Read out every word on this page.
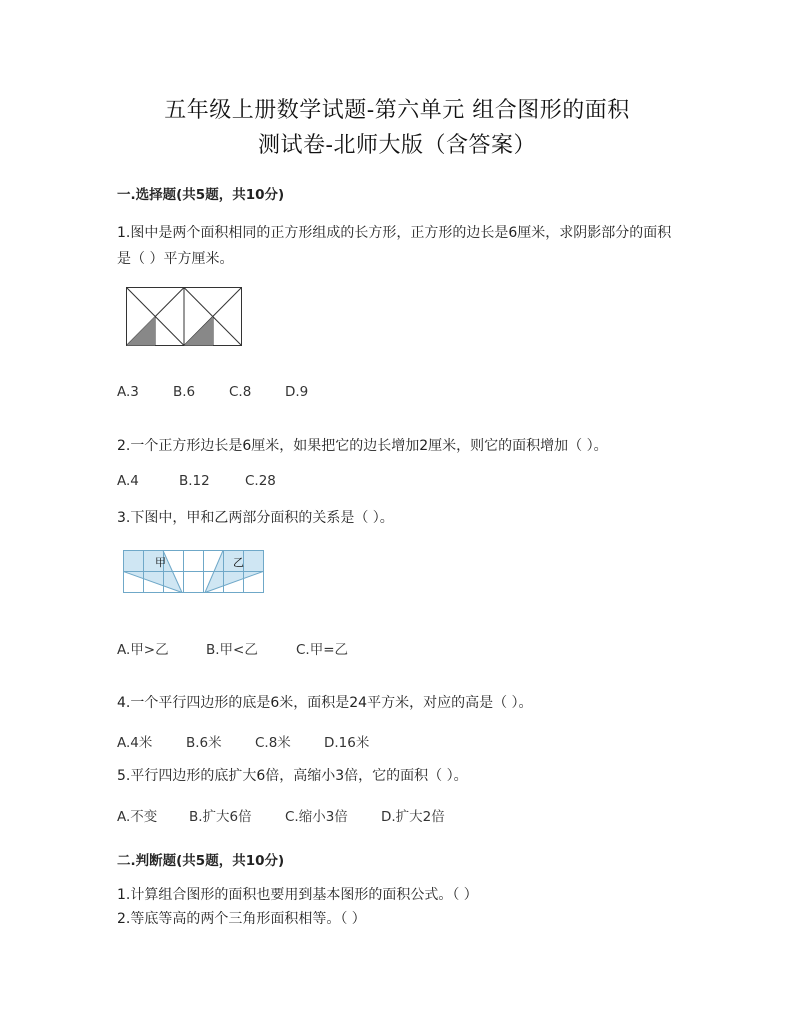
五年级上册数学试题-第六单元 组合图形的面积
测试卷-北师大版（含答案）
一.选择题(共5题，共10分)
1.图中是两个面积相同的正方形组成的长方形，正方形的边长是6厘米，求阴影部分的面积是（ ）平方厘米。
A.3	B.6	C.8 D.9
2.一个正方形边长是6厘米，如果把它的边长增加2厘米，则它的面积增加（ ）。
A.4	B.12	C.28
3.下图中，甲和乙两部分面积的关系是（ ）。
甲	乙
A.甲>乙	B.甲<乙	C.甲=乙
4.一个平行四边形的底是6米，面积是24平方米，对应的高是（ ）。
A.4米 B.6米 C.8米 D.16米
5.平行四边形的底扩大6倍，高缩小3倍，它的面积（ ）。
A.不变 B.扩大6倍 C.缩小3倍 D.扩大2倍
二.判断题(共5题，共10分)
1.计算组合图形的面积也要用到基本图形的面积公式。（ ）
2.等底等高的两个三角形面积相等。（ ）
